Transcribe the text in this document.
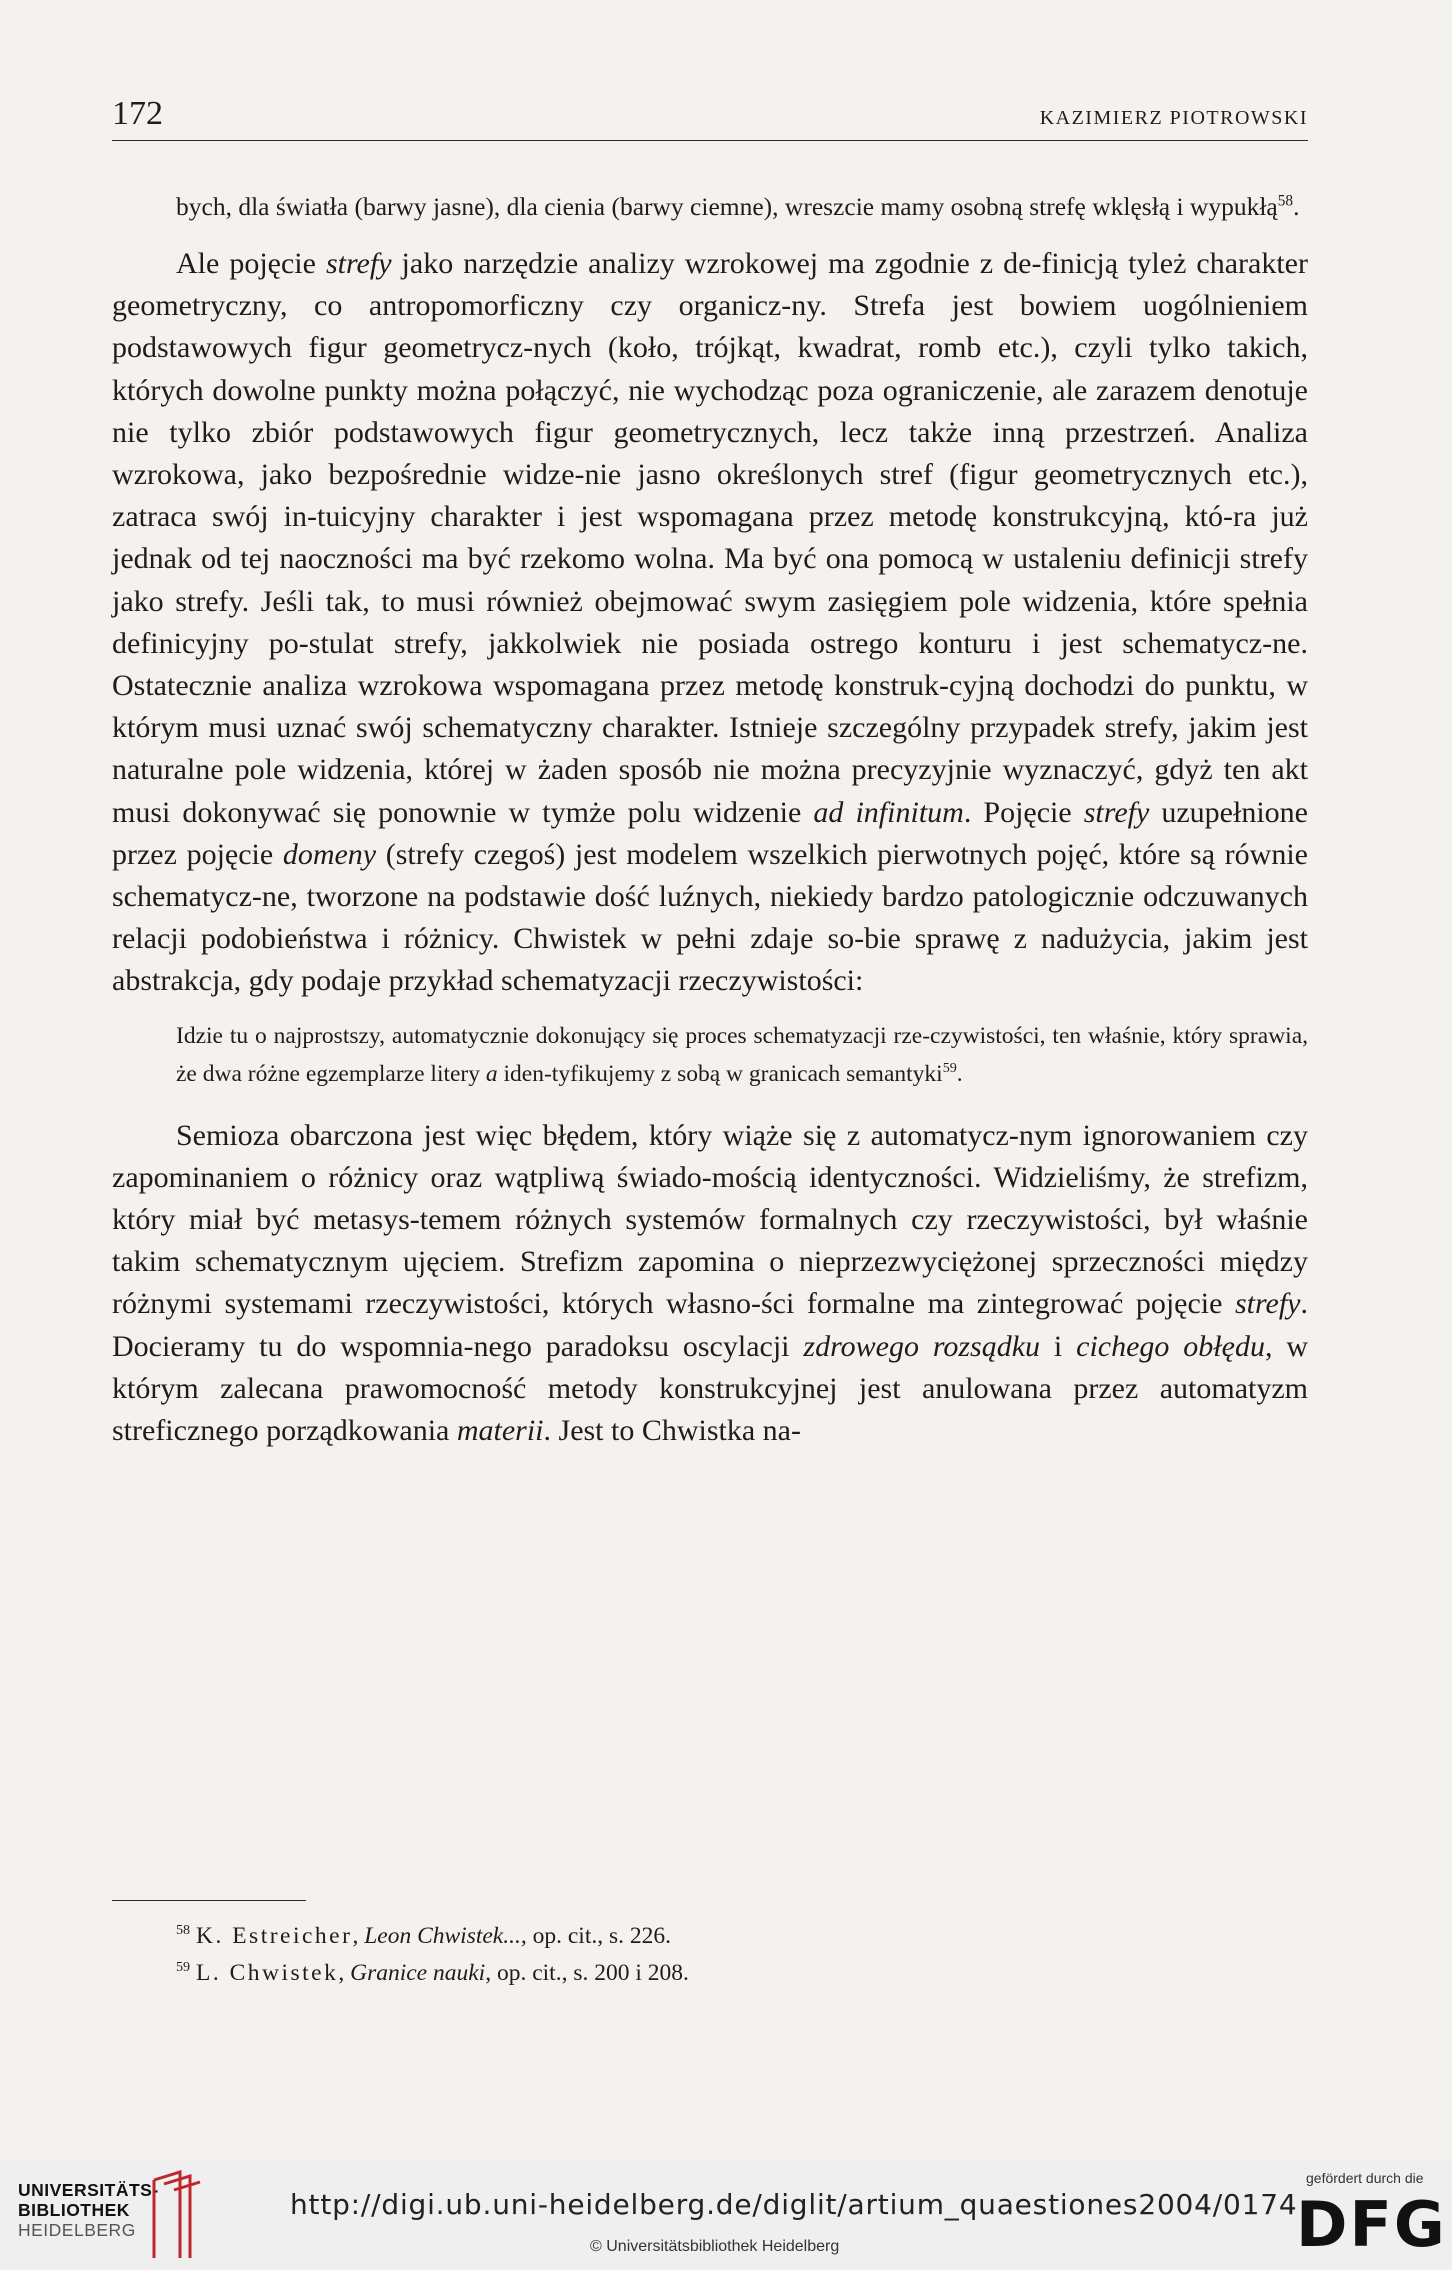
172	KAZIMIERZ PIOTROWSKI

bych, dla światła (barwy jasne), dla cienia (barwy ciemne), wreszcie mamy osobną strefę wklęsłą i wypukłą$^{58}$.

Ale pojęcie strefy jako narzędzie analizy wzrokowej ma zgodnie z de-finicją tyleż charakter geometryczny, co antropomorficzny czy organicz-ny. Strefa jest bowiem uogólnieniem podstawowych figur geometrycz-nych (koło, trójkąt, kwadrat, romb etc.), czyli tylko takich, których dowolne punkty można połączyć, nie wychodząc poza ograniczenie, ale zarazem denotuje nie tylko zbiór podstawowych figur geometrycznych, lecz także inną przestrzeń. Analiza wzrokowa, jako bezpośrednie widze-nie jasno określonych stref (figur geometrycznych etc.), zatraca swój in-tuicyjny charakter i jest wspomagana przez metodę konstrukcyjną, któ-ra już jednak od tej naoczności ma być rzekomo wolna. Ma być ona pomocą w ustaleniu definicji strefy jako strefy. Jeśli tak, to musi również obejmować swym zasięgiem pole widzenia, które spełnia definicyjny po-stulat strefy, jakkolwiek nie posiada ostrego konturu i jest schematycz-ne. Ostatecznie analiza wzrokowa wspomagana przez metodę konstruk-cyjną dochodzi do punktu, w którym musi uznać swój schematyczny charakter. Istnieje szczególny przypadek strefy, jakim jest naturalne pole widzenia, której w żaden sposób nie można precyzyjnie wyznaczyć, gdyż ten akt musi dokonywać się ponownie w tymże polu widzenie ad infinitum. Pojęcie strefy uzupełnione przez pojęcie domeny (strefy czegoś) jest modelem wszelkich pierwotnych pojęć, które są równie schematycz-ne, tworzone na podstawie dość luźnych, niekiedy bardzo patologicznie odczuwanych relacji podobieństwa i różnicy. Chwistek w pełni zdaje so-bie sprawę z nadużycia, jakim jest abstrakcja, gdy podaje przykład schematyzacji rzeczywistości:

Idzie tu o najprostszy, automatycznie dokonujący się proces schematyzacji rze-czywistości, ten właśnie, który sprawia, że dwa różne egzemplarze litery a iden-tyfikujemy z sobą w granicach semantyki$^{59}$.

Semioza obarczona jest więc błędem, który wiąże się z automatycz-nym ignorowaniem czy zapominaniem o różnicy oraz wątpliwą świado-mością identyczności. Widzieliśmy, że strefizm, który miał być metasys-temem różnych systemów formalnych czy rzeczywistości, był właśnie takim schematycznym ujęciem. Strefizm zapomina o nieprzezwyciężonej sprzeczności między różnymi systemami rzeczywistości, których własno-ści formalne ma zintegrować pojęcie strefy. Docieramy tu do wspomnia-nego paradoksu oscylacji zdrowego rozsądku i cichego obłędu, w którym zalecana prawomocność metody konstrukcyjnej jest anulowana przez automatyzm streficznego porządkowania materii. Jest to Chwistka na-

$^{58}$ K. Estreicher, Leon Chwistek..., op. cit., s. 226.
$^{59}$ L. Chwistek, Granice nauki, op. cit., s. 200 i 208.
UNIVERSITÄTS-
BIBLIOTHEK
HEIDELBERG
http://digi.ub.uni-heidelberg.de/diglit/artium_quaestiones2004/0174
© Universitätsbibliothek Heidelberg
gefördert durch die
DFG
